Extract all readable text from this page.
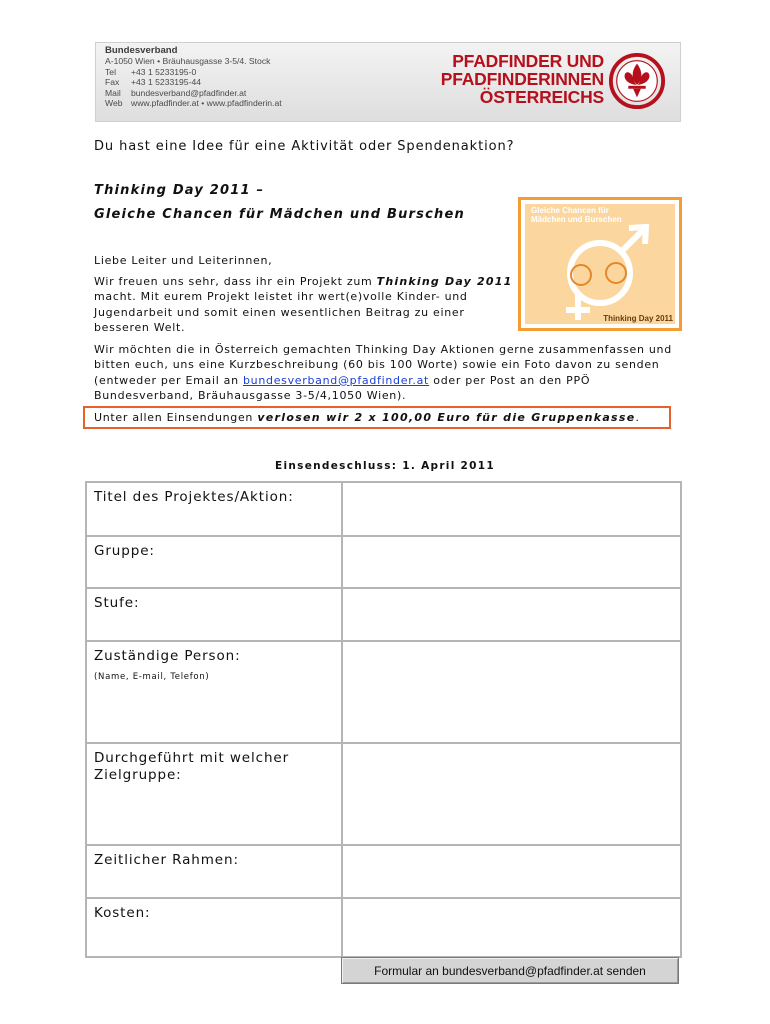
Bundesverband
A-1050 Wien • Bräuhausgasse 3-5/4. Stock
Tel	+43 1 5233195-0
Fax	+43 1 5233195-44
Mail	bundesverband@pfadfinder.at
Web www.pfadfinder.at • www.pfadfinderin.at
PFADFINDER UND
PFADFINDERINNEN
ÖSTERREICHS
Du hast eine Idee für eine Aktivität oder Spendenaktion?
Thinking Day 2011 –
Gleiche Chancen für Mädchen und Burschen	Gleiche Chancen für
Mädchen und Burschen
Thinking Day 2011
Liebe Leiter und Leiterinnen,
Wir freuen uns sehr, dass ihr ein Projekt zum Thinking Day 2011 macht. Mit eurem Projekt leistet ihr wert(e)volle Kinder- und Jugendarbeit und somit einen wesentlichen Beitrag zu einer besseren Welt.
Wir möchten die in Österreich gemachten Thinking Day Aktionen gerne zusammenfassen und bitten euch, uns eine Kurzbeschreibung (60 bis 100 Worte) sowie ein Foto davon zu senden (entweder per Email an bundesverband@pfadfinder.at oder per Post an den PPÖ Bundesverband, Bräuhausgasse 3-5/4,1050 Wien).
Unter allen Einsendungen verlosen wir 2 x 100,00 Euro für die Gruppenkasse.
Einsendeschluss: 1. April 2011
Titel des Projektes/Aktion:	

Gruppe:	

Stufe:	

Zuständige Person:
(Name, E-mail, Telefon)

Durchgeführt mit welcher Zielgruppe:	

Zeitlicher Rahmen:	

Kosten:	
Formular an bundesverband@pfadfinder.at senden
